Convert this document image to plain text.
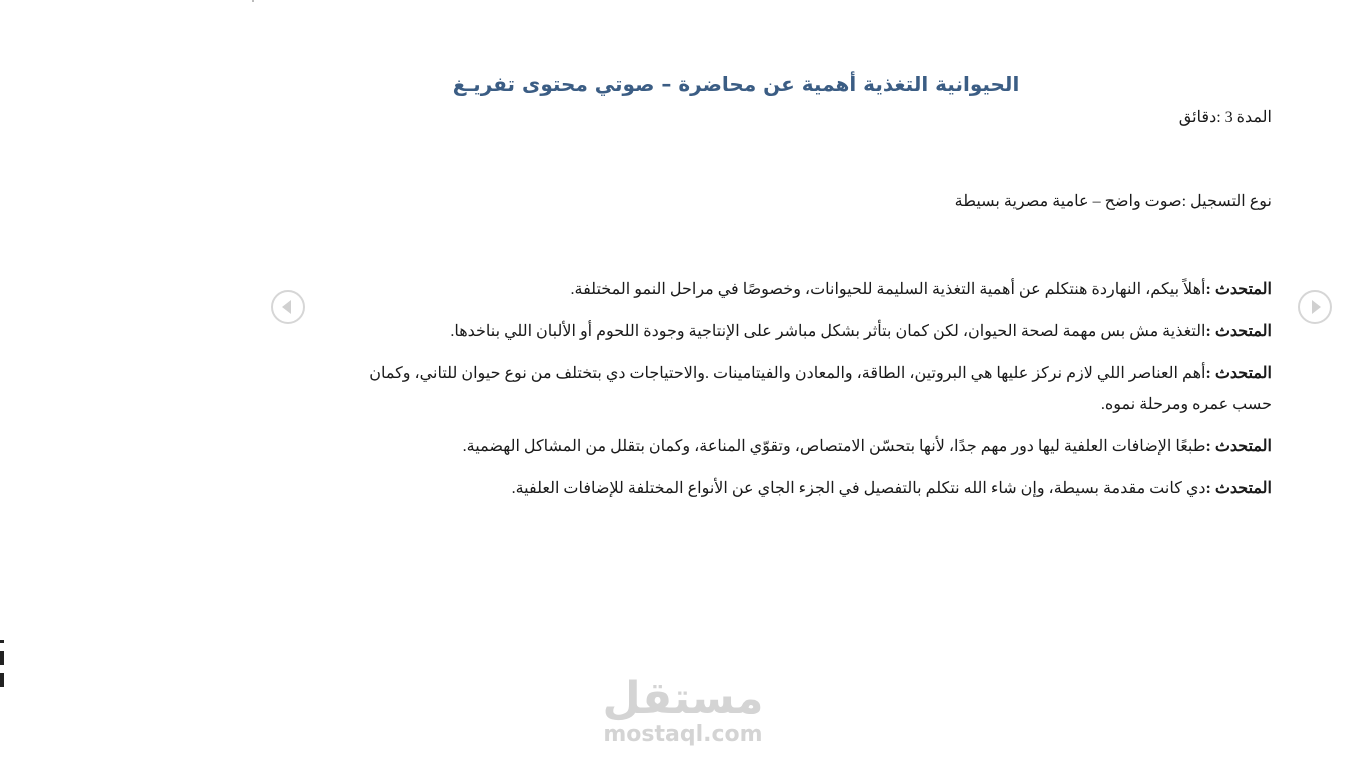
الحيوانية التغذية أهمية عن محاضرة – صوتي محتوى تفريـغ

المدة 3 :دقائق

نوع التسجيل :صوت واضح – عامية مصرية بسيطة

المتحدث :أهلاً بيكم، النهاردة هنتكلم عن أهمية التغذية السليمة للحيوانات، وخصوصًا في مراحل النمو المختلفة.

المتحدث :التغذية مش بس مهمة لصحة الحيوان، لكن كمان بتأثر بشكل مباشر على الإنتاجية وجودة اللحوم أو الألبان اللي بناخدها.

المتحدث :أهم العناصر اللي لازم نركز عليها هي البروتين، الطاقة، والمعادن والفيتامينات .والاحتياجات دي بتختلف من نوع حيوان للتاني، وكمان حسب عمره ومرحلة نموه.

المتحدث :طبعًا الإضافات العلفية ليها دور مهم جدًا، لأنها بتحسّن الامتصاص، وتقوّي المناعة، وكمان بتقلل من المشاكل الهضمية.

المتحدث :دي كانت مقدمة بسيطة، وإن شاء الله نتكلم بالتفصيل في الجزء الجاي عن الأنواع المختلفة للإضافات العلفية.

مستقل
mostaql.com
